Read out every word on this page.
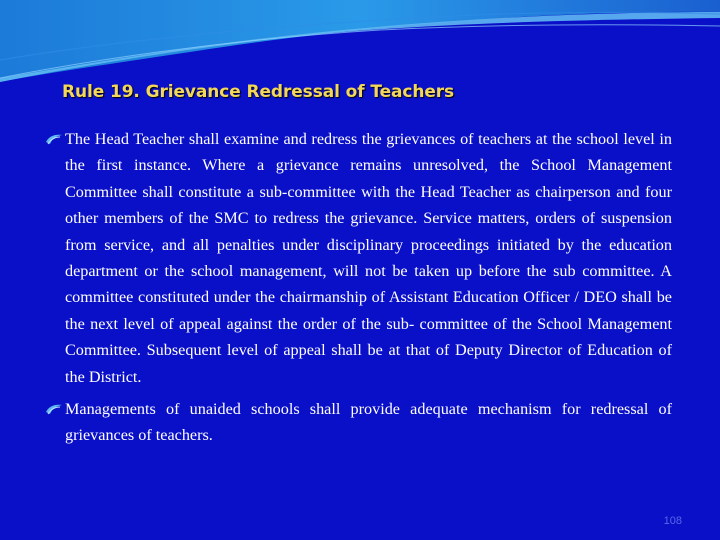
Rule 19. Grievance Redressal of Teachers

The Head Teacher shall examine and redress the grievances of teachers at the school level in the first instance. Where a grievance remains unresolved, the School Management Committee shall constitute a sub-committee with the Head Teacher as chairperson and four other members of the SMC to redress the grievance. Service matters, orders of suspension from service, and all penalties under disciplinary proceedings initiated by the education department or the school management, will not be taken up before the sub committee. A committee constituted under the chairmanship of Assistant Education Officer / DEO shall be the next level of appeal against the order of the sub- committee of the School Management Committee. Subsequent level of appeal shall be at that of Deputy Director of Education of the District.

Managements of unaided schools shall provide adequate mechanism for redressal of grievances of teachers.

108
